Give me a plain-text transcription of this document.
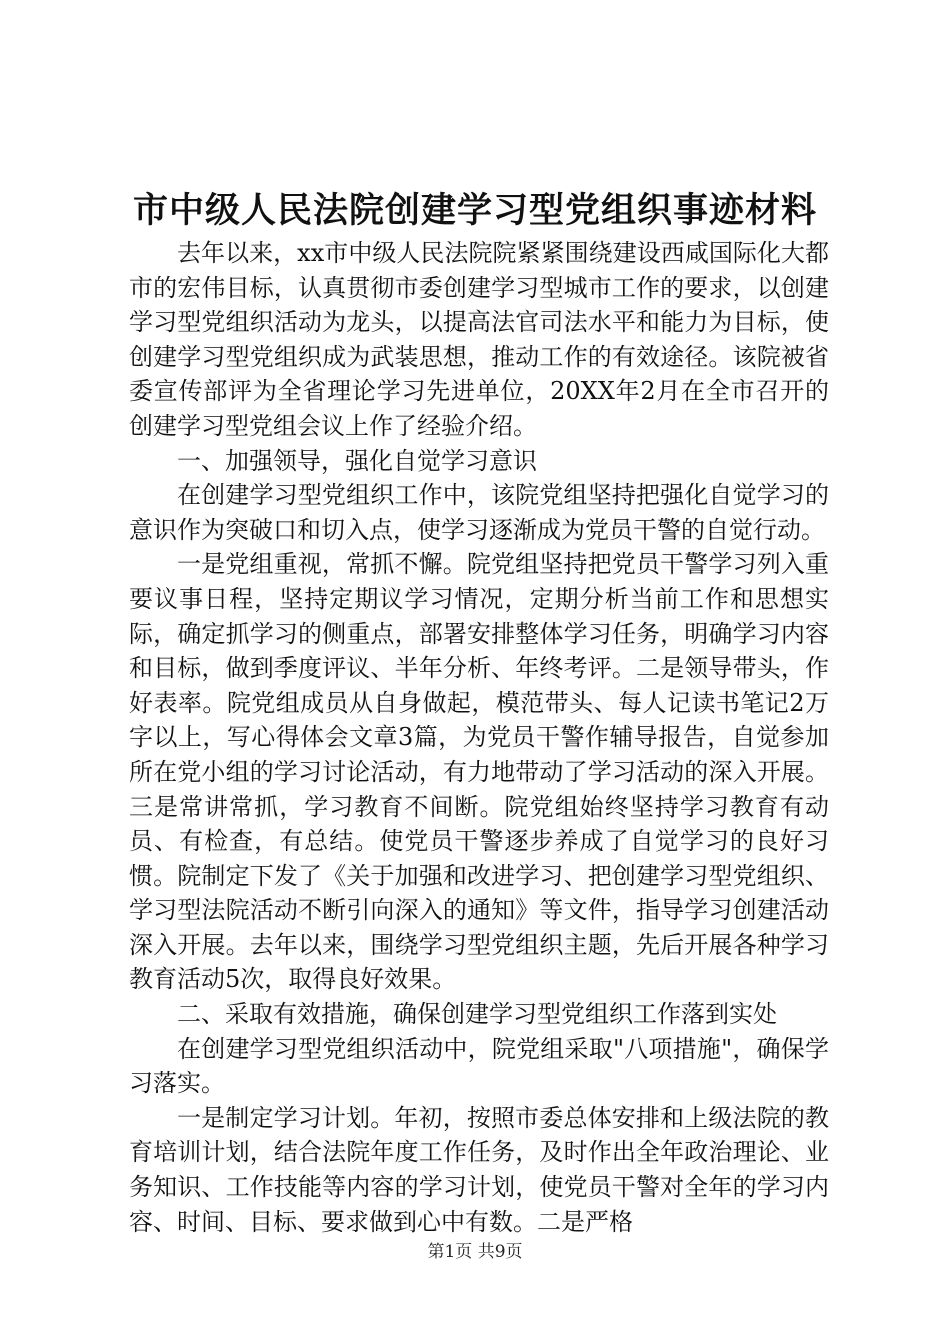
市中级人民法院创建学习型党组织事迹材料

去年以来，xx市中级人民法院院紧紧围绕建设西咸国际化大都市的宏伟目标，认真贯彻市委创建学习型城市工作的要求，以创建学习型党组织活动为龙头，以提高法官司法水平和能力为目标，使创建学习型党组织成为武装思想，推动工作的有效途径。该院被省委宣传部评为全省理论学习先进单位，20XX年2月在全市召开的创建学习型党组会议上作了经验介绍。

一、加强领导，强化自觉学习意识

在创建学习型党组织工作中，该院党组坚持把强化自觉学习的意识作为突破口和切入点，使学习逐渐成为党员干警的自觉行动。

一是党组重视，常抓不懈。院党组坚持把党员干警学习列入重要议事日程，坚持定期议学习情况，定期分析当前工作和思想实际，确定抓学习的侧重点，部署安排整体学习任务，明确学习内容和目标，做到季度评议、半年分析、年终考评。二是领导带头，作好表率。院党组成员从自身做起，模范带头、每人记读书笔记2万字以上，写心得体会文章3篇，为党员干警作辅导报告，自觉参加所在党小组的学习讨论活动，有力地带动了学习活动的深入开展。三是常讲常抓，学习教育不间断。院党组始终坚持学习教育有动员、有检查，有总结。使党员干警逐步养成了自觉学习的良好习惯。院制定下发了《关于加强和改进学习、把创建学习型党组织、学习型法院活动不断引向深入的通知》等文件，指导学习创建活动深入开展。去年以来，围绕学习型党组织主题，先后开展各种学习教育活动5次，取得良好效果。

二、采取有效措施，确保创建学习型党组织工作落到实处

在创建学习型党组织活动中，院党组采取"八项措施"，确保学习落实。

一是制定学习计划。年初，按照市委总体安排和上级法院的教育培训计划，结合法院年度工作任务，及时作出全年政治理论、业务知识、工作技能等内容的学习计划，使党员干警对全年的学习内容、时间、目标、要求做到心中有数。二是严格

第1页 共9页
